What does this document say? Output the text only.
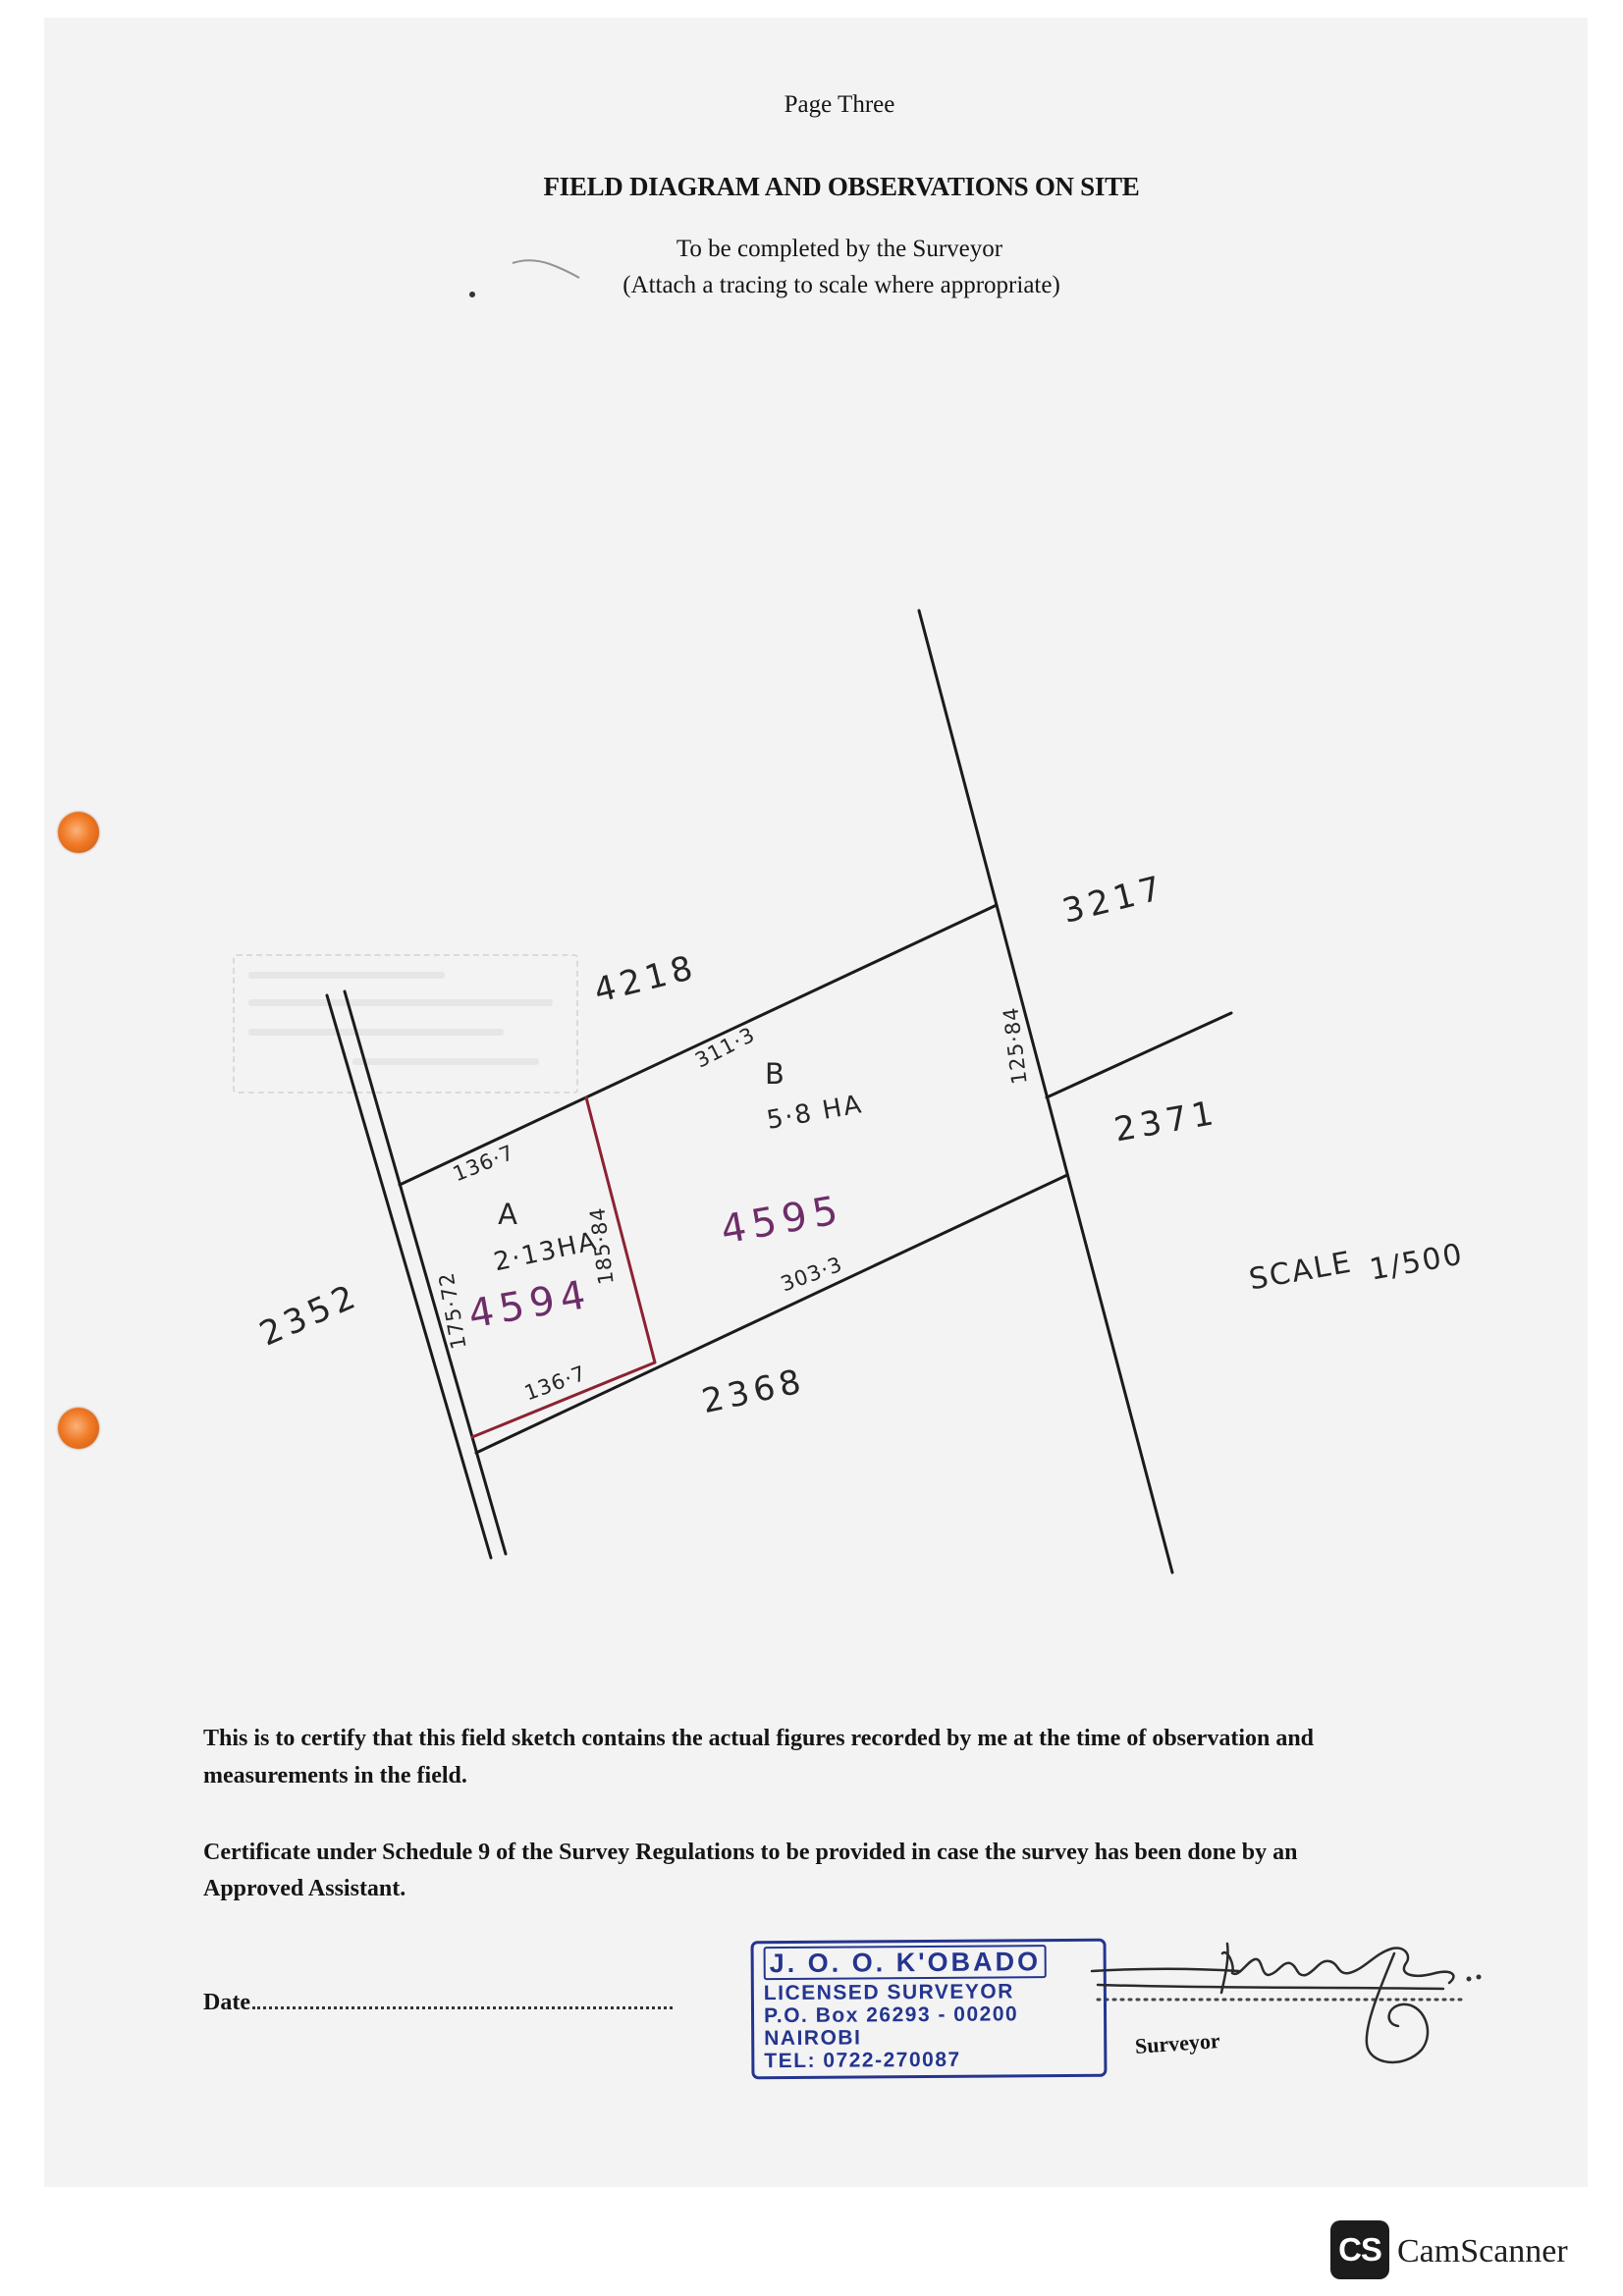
Page Three
FIELD DIAGRAM AND OBSERVATIONS ON SITE
To be completed by the Surveyor
(Attach a tracing to scale where appropriate)
4218
3217
2371
2368
2352
A
2·13HA
4594
136·7
185·84
136·7
175·72
B
5·8 HA
4595
311·3	125·84
303·3	SCALE 1/500
This is to certify that this field sketch contains the actual figures recorded by me at the time of observation and
measurements in the field.
Certificate under Schedule 9 of the Survey Regulations to be provided in case the survey has been done by an
Approved Assistant.
Date
J. O. O. K'OBADO
LICENSED SURVEYOR
P.O. Box 26293 - 00200
NAIROBI
TEL: 0722-270087
Surveyor
CS CamScanner
